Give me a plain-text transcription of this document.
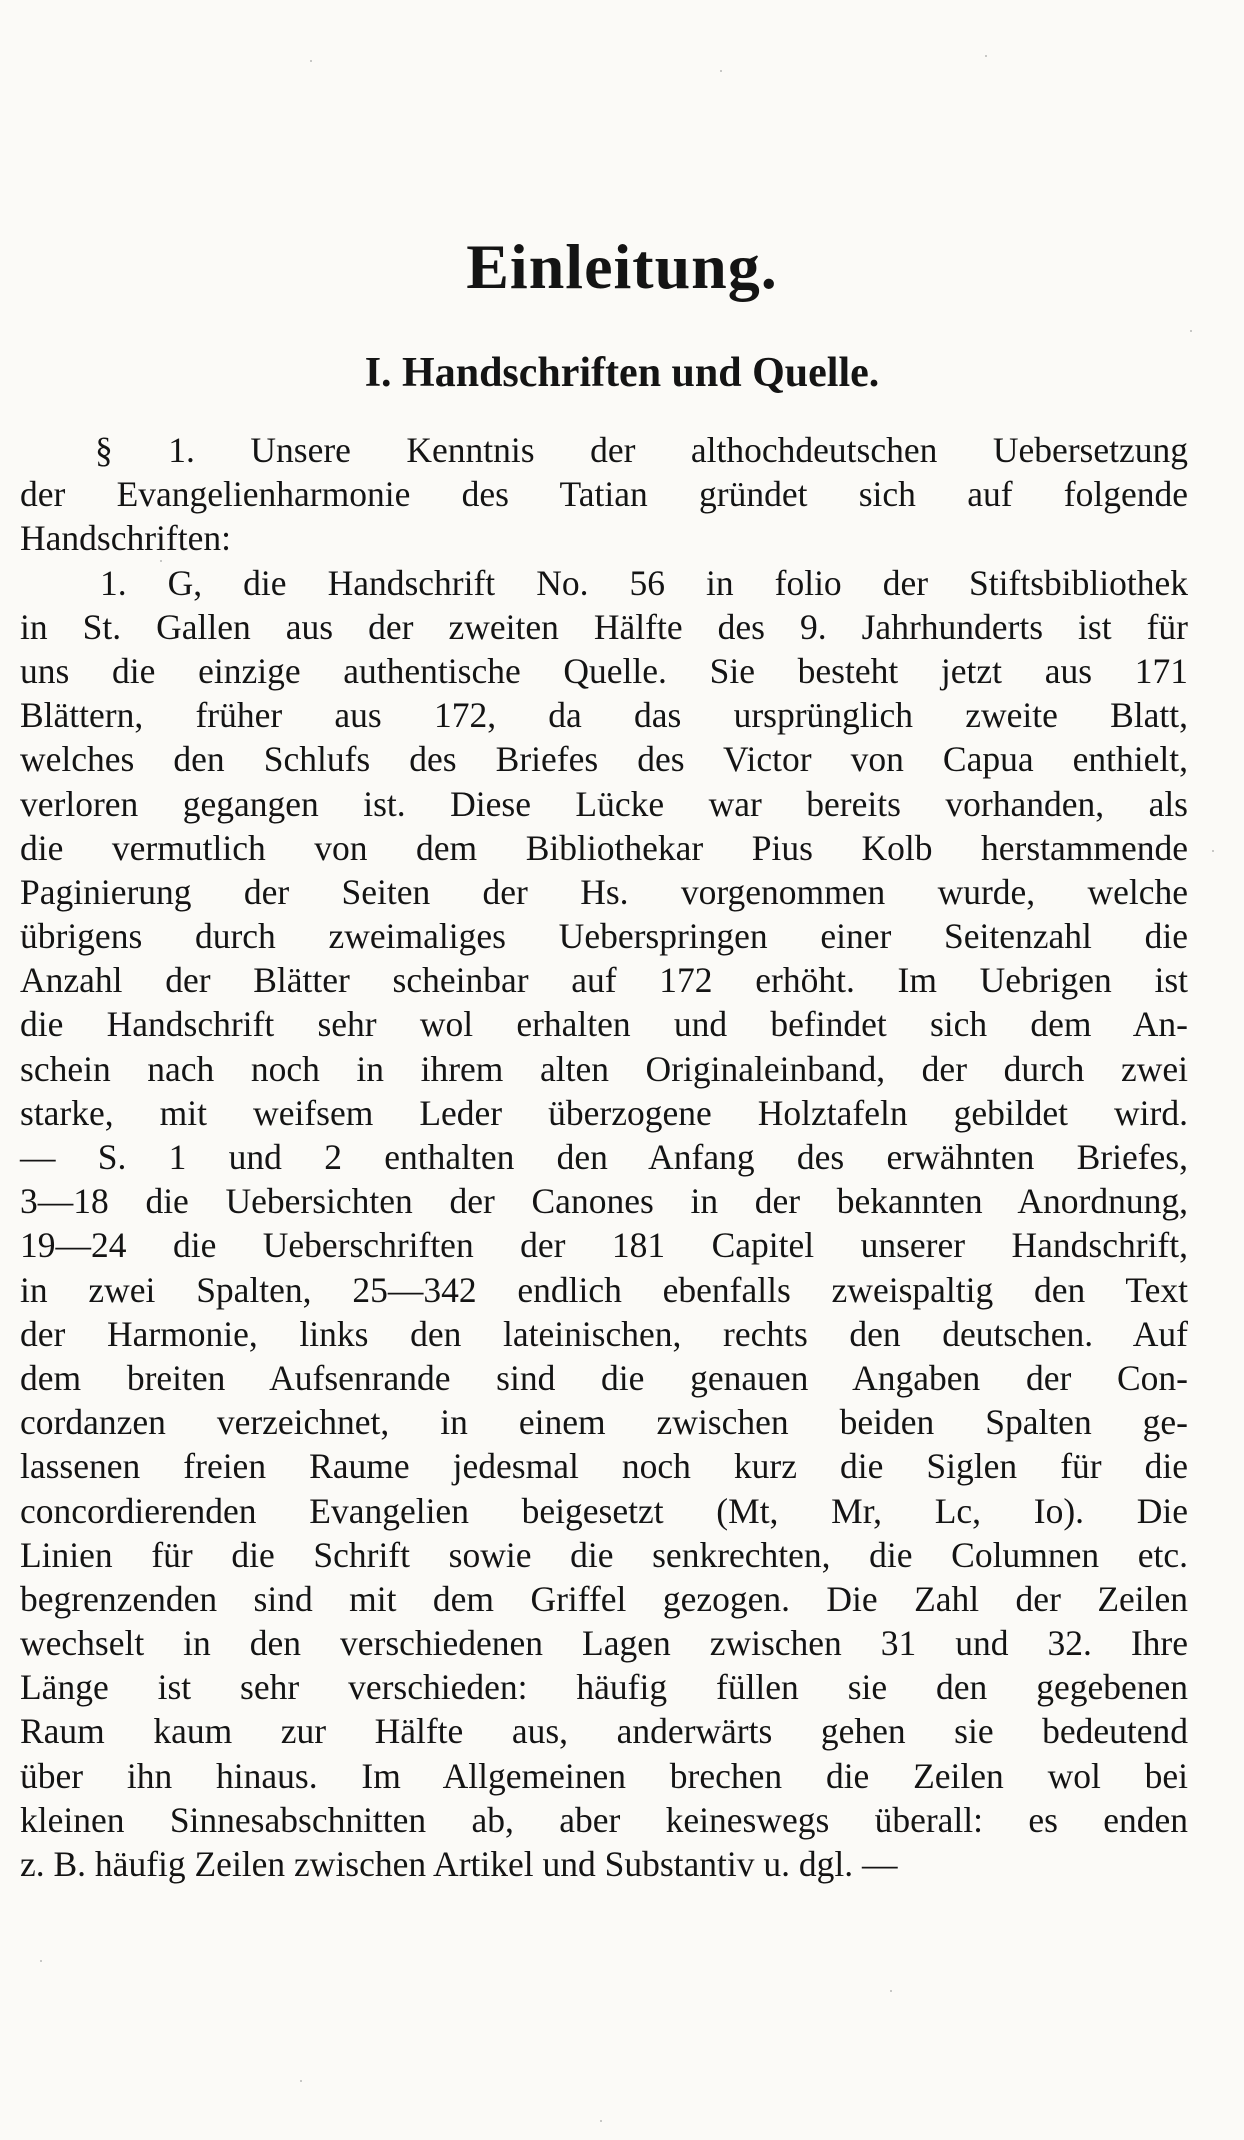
Einleitung.
I. Handschriften und Quelle.
§ 1. Unsere Kenntnis der althochdeutschen Uebersetzung
der Evangelienharmonie des Tatian gründet sich auf folgende
Handschriften:
1. G, die Handschrift No. 56 in folio der Stiftsbibliothek
in St. Gallen aus der zweiten Hälfte des 9. Jahrhunderts ist für
uns die einzige authentische Quelle. Sie besteht jetzt aus 171
Blättern, früher aus 172, da das ursprünglich zweite Blatt,
welches den Schlufs des Briefes des Victor von Capua enthielt,
verloren gegangen ist. Diese Lücke war bereits vorhanden, als
die vermutlich von dem Bibliothekar Pius Kolb herstammende
Paginierung der Seiten der Hs. vorgenommen wurde, welche
übrigens durch zweimaliges Ueberspringen einer Seitenzahl die
Anzahl der Blätter scheinbar auf 172 erhöht. Im Uebrigen ist
die Handschrift sehr wol erhalten und befindet sich dem An-
schein nach noch in ihrem alten Originaleinband, der durch zwei
starke, mit weifsem Leder überzogene Holztafeln gebildet wird.
— S. 1 und 2 enthalten den Anfang des erwähnten Briefes,
3—18 die Uebersichten der Canones in der bekannten Anordnung,
19—24 die Ueberschriften der 181 Capitel unserer Handschrift,
in zwei Spalten, 25—342 endlich ebenfalls zweispaltig den Text
der Harmonie, links den lateinischen, rechts den deutschen. Auf
dem breiten Aufsenrande sind die genauen Angaben der Con-
cordanzen verzeichnet, in einem zwischen beiden Spalten ge-
lassenen freien Raume jedesmal noch kurz die Siglen für die
concordierenden Evangelien beigesetzt (Mt, Mr, Lc, Io). Die
Linien für die Schrift sowie die senkrechten, die Columnen etc.
begrenzenden sind mit dem Griffel gezogen. Die Zahl der Zeilen
wechselt in den verschiedenen Lagen zwischen 31 und 32. Ihre
Länge ist sehr verschieden: häufig füllen sie den gegebenen
Raum kaum zur Hälfte aus, anderwärts gehen sie bedeutend
über ihn hinaus. Im Allgemeinen brechen die Zeilen wol bei
kleinen Sinnesabschnitten ab, aber keineswegs überall: es enden
z. B. häufig Zeilen zwischen Artikel und Substantiv u. dgl. —
